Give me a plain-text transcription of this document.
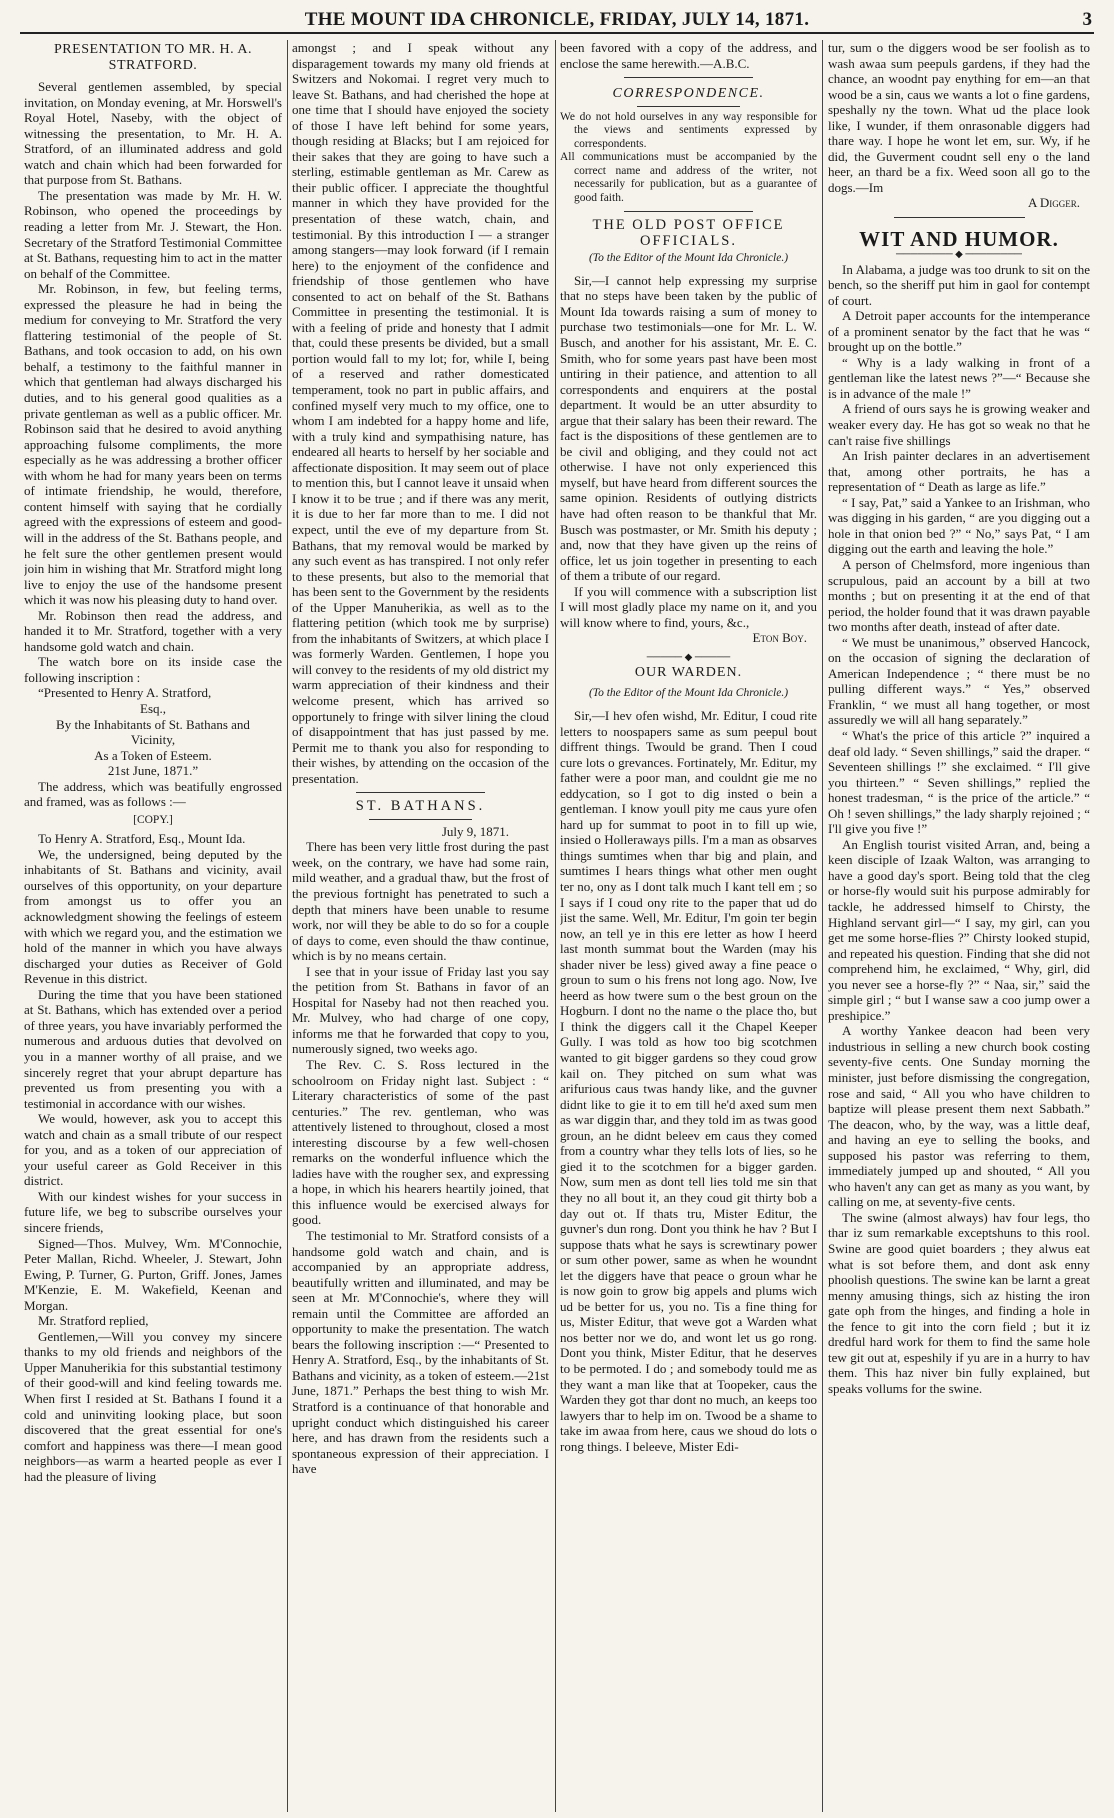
THE MOUNT IDA CHRONICLE, FRIDAY, JULY 14, 1871.	3

PRESENTATION TO MR. H. A. STRATFORD.

Several gentlemen assembled, by special invitation, on Monday evening, at Mr. Horswell's Royal Hotel, Naseby, with the object of witnessing the presentation, to Mr. H. A. Stratford, of an illuminated address and gold watch and chain which had been forwarded for that purpose from St. Bathans.

The presentation was made by Mr. H. W. Robinson, who opened the proceedings by reading a letter from Mr. J. Stewart, the Hon. Secretary of the Stratford Testimonial Committee at St. Bathans, requesting him to act in the matter on behalf of the Committee.

Mr. Robinson, in few, but feeling terms, expressed the pleasure he had in being the medium for conveying to Mr. Stratford the very flattering testimonial of the people of St. Bathans, and took occasion to add, on his own behalf, a testimony to the faithful manner in which that gentleman had always discharged his duties, and to his general good qualities as a private gentleman as well as a public officer. Mr. Robinson said that he desired to avoid anything approaching fulsome compliments, the more especially as he was addressing a brother officer with whom he had for many years been on terms of intimate friendship, he would, therefore, content himself with saying that he cordially agreed with the expressions of esteem and good-will in the address of the St. Bathans people, and he felt sure the other gentlemen present would join him in wishing that Mr. Stratford might long live to enjoy the use of the handsome present which it was now his pleasing duty to hand over.

Mr. Robinson then read the address, and handed it to Mr. Stratford, together with a very handsome gold watch and chain.

The watch bore on its inside case the following inscription :

“Presented to Henry A. Stratford,

Esq.,

By the Inhabitants of St. Bathans and

Vicinity,

As a Token of Esteem.

21st June, 1871.”

The address, which was beatifully engrossed and framed, was as follows :—

[COPY.]

To Henry A. Stratford, Esq., Mount Ida.

We, the undersigned, being deputed by the inhabitants of St. Bathans and vicinity, avail ourselves of this opportunity, on your departure from amongst us to offer you an acknowledgment showing the feelings of esteem with which we regard you, and the estimation we hold of the manner in which you have always discharged your duties as Receiver of Gold Revenue in this district.

During the time that you have been stationed at St. Bathans, which has extended over a period of three years, you have invariably performed the numerous and arduous duties that devolved on you in a manner worthy of all praise, and we sincerely regret that your abrupt departure has prevented us from presenting you with a testimonial in accordance with our wishes.

We would, however, ask you to accept this watch and chain as a small tribute of our respect for you, and as a token of our appreciation of your useful career as Gold Receiver in this district.

With our kindest wishes for your success in future life, we beg to subscribe ourselves your sincere friends,

Signed—Thos. Mulvey, Wm. M'Connochie, Peter Mallan, Richd. Wheeler, J. Stewart, John Ewing, P. Turner, G. Purton, Griff. Jones, James M'Kenzie, E. M. Wakefield, Keenan and Morgan.

Mr. Stratford replied,

Gentlemen,—Will you convey my sincere thanks to my old friends and neighbors of the Upper Manuherikia for this substantial testimony of their good-will and kind feeling towards me. When first I resided at St. Bathans I found it a cold and uninviting looking place, but soon discovered that the great essential for one's comfort and happiness was there—I mean good neighbors—as warm a hearted people as ever I had the pleasure of living

amongst ; and I speak without any disparagement towards my many old friends at Switzers and Nokomai. I regret very much to leave St. Bathans, and had cherished the hope at one time that I should have enjoyed the society of those I have left behind for some years, though residing at Blacks; but I am rejoiced for their sakes that they are going to have such a sterling, estimable gentleman as Mr. Carew as their public officer. I appreciate the thoughtful manner in which they have provided for the presentation of these watch, chain, and testimonial. By this introduction I — a stranger among stangers—may look forward (if I remain here) to the enjoyment of the confidence and friendship of those gentlemen who have consented to act on behalf of the St. Bathans Committee in presenting the testimonial. It is with a feeling of pride and honesty that I admit that, could these presents be divided, but a small portion would fall to my lot; for, while I, being of a reserved and rather domesticated temperament, took no part in public affairs, and confined myself very much to my office, one to whom I am indebted for a happy home and life, with a truly kind and sympathising nature, has endeared all hearts to herself by her sociable and affectionate disposition. It may seem out of place to mention this, but I cannot leave it unsaid when I know it to be true ; and if there was any merit, it is due to her far more than to me. I did not expect, until the eve of my departure from St. Bathans, that my removal would be marked by any such event as has transpired. I not only refer to these presents, but also to the memorial that has been sent to the Government by the residents of the Upper Manuherikia, as well as to the flattering petition (which took me by surprise) from the inhabitants of Switzers, at which place I was formerly Warden. Gentlemen, I hope you will convey to the residents of my old district my warm appreciation of their kindness and their welcome present, which has arrived so opportunely to fringe with silver lining the cloud of disappointment that has just passed by me. Permit me to thank you also for responding to their wishes, by attending on the occasion of the presentation.

ST. BATHANS.

July 9, 1871.

There has been very little frost during the past week, on the contrary, we have had some rain, mild weather, and a gradual thaw, but the frost of the previous fortnight has penetrated to such a depth that miners have been unable to resume work, nor will they be able to do so for a couple of days to come, even should the thaw continue, which is by no means certain.

I see that in your issue of Friday last you say the petition from St. Bathans in favor of an Hospital for Naseby had not then reached you. Mr. Mulvey, who had charge of one copy, informs me that he forwarded that copy to you, numerously signed, two weeks ago.

The Rev. C. S. Ross lectured in the schoolroom on Friday night last. Subject : “ Literary characteristics of some of the past centuries.” The rev. gentleman, who was attentively listened to throughout, closed a most interesting discourse by a few well-chosen remarks on the wonderful influence which the ladies have with the rougher sex, and expressing a hope, in which his hearers heartily joined, that this influence would be exercised always for good.

The testimonial to Mr. Stratford consists of a handsome gold watch and chain, and is accompanied by an appropriate address, beautifully written and illuminated, and may be seen at Mr. M'Connochie's, where they will remain until the Committee are afforded an opportunity to make the presentation. The watch bears the following inscription :—“ Presented to Henry A. Stratford, Esq., by the inhabitants of St. Bathans and vicinity, as a token of esteem.—21st June, 1871.” Perhaps the best thing to wish Mr. Stratford is a continuance of that honorable and upright conduct which distinguished his career here, and has drawn from the residents such a spontaneous expression of their appreciation. I have

been favored with a copy of the address, and enclose the same herewith.—A.B.C.

CORRESPONDENCE.

We do not hold ourselves in any way responsible for the views and sentiments expressed by correspondents.

All communications must be accompanied by the correct name and address of the writer, not necessarily for publication, but as a guarantee of good faith.

THE OLD POST OFFICE OFFICIALS.

(To the Editor of the Mount Ida Chronicle.)

Sir,—I cannot help expressing my surprise that no steps have been taken by the public of Mount Ida towards raising a sum of money to purchase two testimonials—one for Mr. L. W. Busch, and another for his assistant, Mr. E. C. Smith, who for some years past have been most untiring in their patience, and attention to all correspondents and enquirers at the postal department. It would be an utter absurdity to argue that their salary has been their reward. The fact is the dispositions of these gentlemen are to be civil and obliging, and they could not act otherwise. I have not only experienced this myself, but have heard from different sources the same opinion. Residents of outlying districts have had often reason to be thankful that Mr. Busch was postmaster, or Mr. Smith his deputy ; and, now that they have given up the reins of office, let us join together in presenting to each of them a tribute of our regard.

If you will commence with a subscription list I will most gladly place my name on it, and you will know where to find, yours, &c.,

Eton Boy.

───── ◆ ─────

OUR WARDEN.

(To the Editor of the Mount Ida Chronicle.)

Sir,—I hev ofen wishd, Mr. Editur, I coud rite letters to noospapers same as sum peepul bout diffrent things. Twould be grand. Then I coud cure lots o grevances. Fortinately, Mr. Editur, my father were a poor man, and couldnt gie me no eddycation, so I got to dig insted o bein a gentleman. I know youll pity me caus yure ofen hard up for summat to poot in to fill up wie, insied o Holleraways pills. I'm a man as obsarves things sumtimes when thar big and plain, and sumtimes I hears things what other men ought ter no, ony as I dont talk much I kant tell em ; so I says if I coud ony rite to the paper that ud do jist the same. Well, Mr. Editur, I'm goin ter begin now, an tell ye in this ere letter as how I heerd last month summat bout the Warden (may his shader niver be less) gived away a fine peace o groun to sum o his frens not long ago. Now, Ive heerd as how twere sum o the best groun on the Hogburn. I dont no the name o the place tho, but I think the diggers call it the Chapel Keeper Gully. I was told as how too big scotchmen wanted to git bigger gardens so they coud grow kail on. They pitched on sum what was arifurious caus twas handy like, and the guvner didnt like to gie it to em till he'd axed sum men as war diggin thar, and they told im as twas good groun, an he didnt beleev em caus they comed from a country whar they tells lots of lies, so he gied it to the scotchmen for a bigger garden. Now, sum men as dont tell lies told me sin that they no all bout it, an they coud git thirty bob a day out ot. If thats tru, Mister Editur, the guvner's dun rong. Dont you think he hav ? But I suppose thats what he says is screwtinary power or sum other power, same as when he woundnt let the diggers have that peace o groun whar he is now goin to grow big appels and plums wich ud be better for us, you no. Tis a fine thing for us, Mister Editur, that weve got a Warden what nos better nor we do, and wont let us go rong. Dont you think, Mister Editur, that he deserves to be permoted. I do ; and somebody tould me as they want a man like that at Toopeker, caus the Warden they got thar dont no much, an keeps too lawyers thar to help im on. Twood be a shame to take im awaa from here, caus we shoud do lots o rong things. I beleeve, Mister Edi-

tur, sum o the diggers wood be ser foolish as to wash awaa sum peepuls gardens, if they had the chance, an woodnt pay enything for em—an that wood be a sin, caus we wants a lot o fine gardens, speshally ny the town. What ud the place look like, I wunder, if them onrasonable diggers had thare way. I hope he wont let em, sur. Wy, if he did, the Guverment coudnt sell eny o the land heer, an thard be a fix. Weed soon all go to the dogs.—Im

A Digger.

WIT AND HUMOR.

──────── ◆ ────────

In Alabama, a judge was too drunk to sit on the bench, so the sheriff put him in gaol for contempt of court.

A Detroit paper accounts for the intemperance of a prominent senator by the fact that he was “ brought up on the bottle.”

“ Why is a lady walking in front of a gentleman like the latest news ?”—“ Because she is in advance of the male !”

A friend of ours says he is growing weaker and weaker every day. He has got so weak no that he can't raise five shillings

An Irish painter declares in an advertisement that, among other portraits, he has a representation of “ Death as large as life.”

“ I say, Pat,” said a Yankee to an Irishman, who was digging in his garden, “ are you digging out a hole in that onion bed ?” “ No,” says Pat, “ I am digging out the earth and leaving the hole.”

A person of Chelmsford, more ingenious than scrupulous, paid an account by a bill at two months ; but on presenting it at the end of that period, the holder found that it was drawn payable two months after death, instead of after date.

“ We must be unanimous,” observed Hancock, on the occasion of signing the declaration of American Independence ; “ there must be no pulling different ways.” “ Yes,” observed Franklin, “ we must all hang together, or most assuredly we will all hang separately.”

“ What's the price of this article ?” inquired a deaf old lady. “ Seven shillings,” said the draper. “ Seventeen shillings !” she exclaimed. “ I'll give you thirteen.” “ Seven shillings,” replied the honest tradesman, “ is the price of the article.” “ Oh ! seven shillings,” the lady sharply rejoined ; “ I'll give you five !”

An English tourist visited Arran, and, being a keen disciple of Izaak Walton, was arranging to have a good day's sport. Being told that the cleg or horse-fly would suit his purpose admirably for tackle, he addressed himself to Chirsty, the Highland servant girl—“ I say, my girl, can you get me some horse-flies ?” Chirsty looked stupid, and repeated his question. Finding that she did not comprehend him, he exclaimed, “ Why, girl, did you never see a horse-fly ?” “ Naa, sir,” said the simple girl ; “ but I wanse saw a coo jump ower a preshipice.”

A worthy Yankee deacon had been very industrious in selling a new church book costing seventy-five cents. One Sunday morning the minister, just before dismissing the congregation, rose and said, “ All you who have children to baptize will please present them next Sabbath.” The deacon, who, by the way, was a little deaf, and having an eye to selling the books, and supposed his pastor was referring to them, immediately jumped up and shouted, “ All you who haven't any can get as many as you want, by calling on me, at seventy-five cents.

The swine (almost always) hav four legs, tho thar iz sum remarkable exceptshuns to this rool. Swine are good quiet boarders ; they alwus eat what is sot before them, and dont ask enny phoolish questions. The swine kan be larnt a great menny amusing things, sich az histing the iron gate oph from the hinges, and finding a hole in the fence to git into the corn field ; but it iz dredful hard work for them to find the same hole tew git out at, espeshily if yu are in a hurry to hav them. This haz niver bin fully explained, but speaks vollums for the swine.
